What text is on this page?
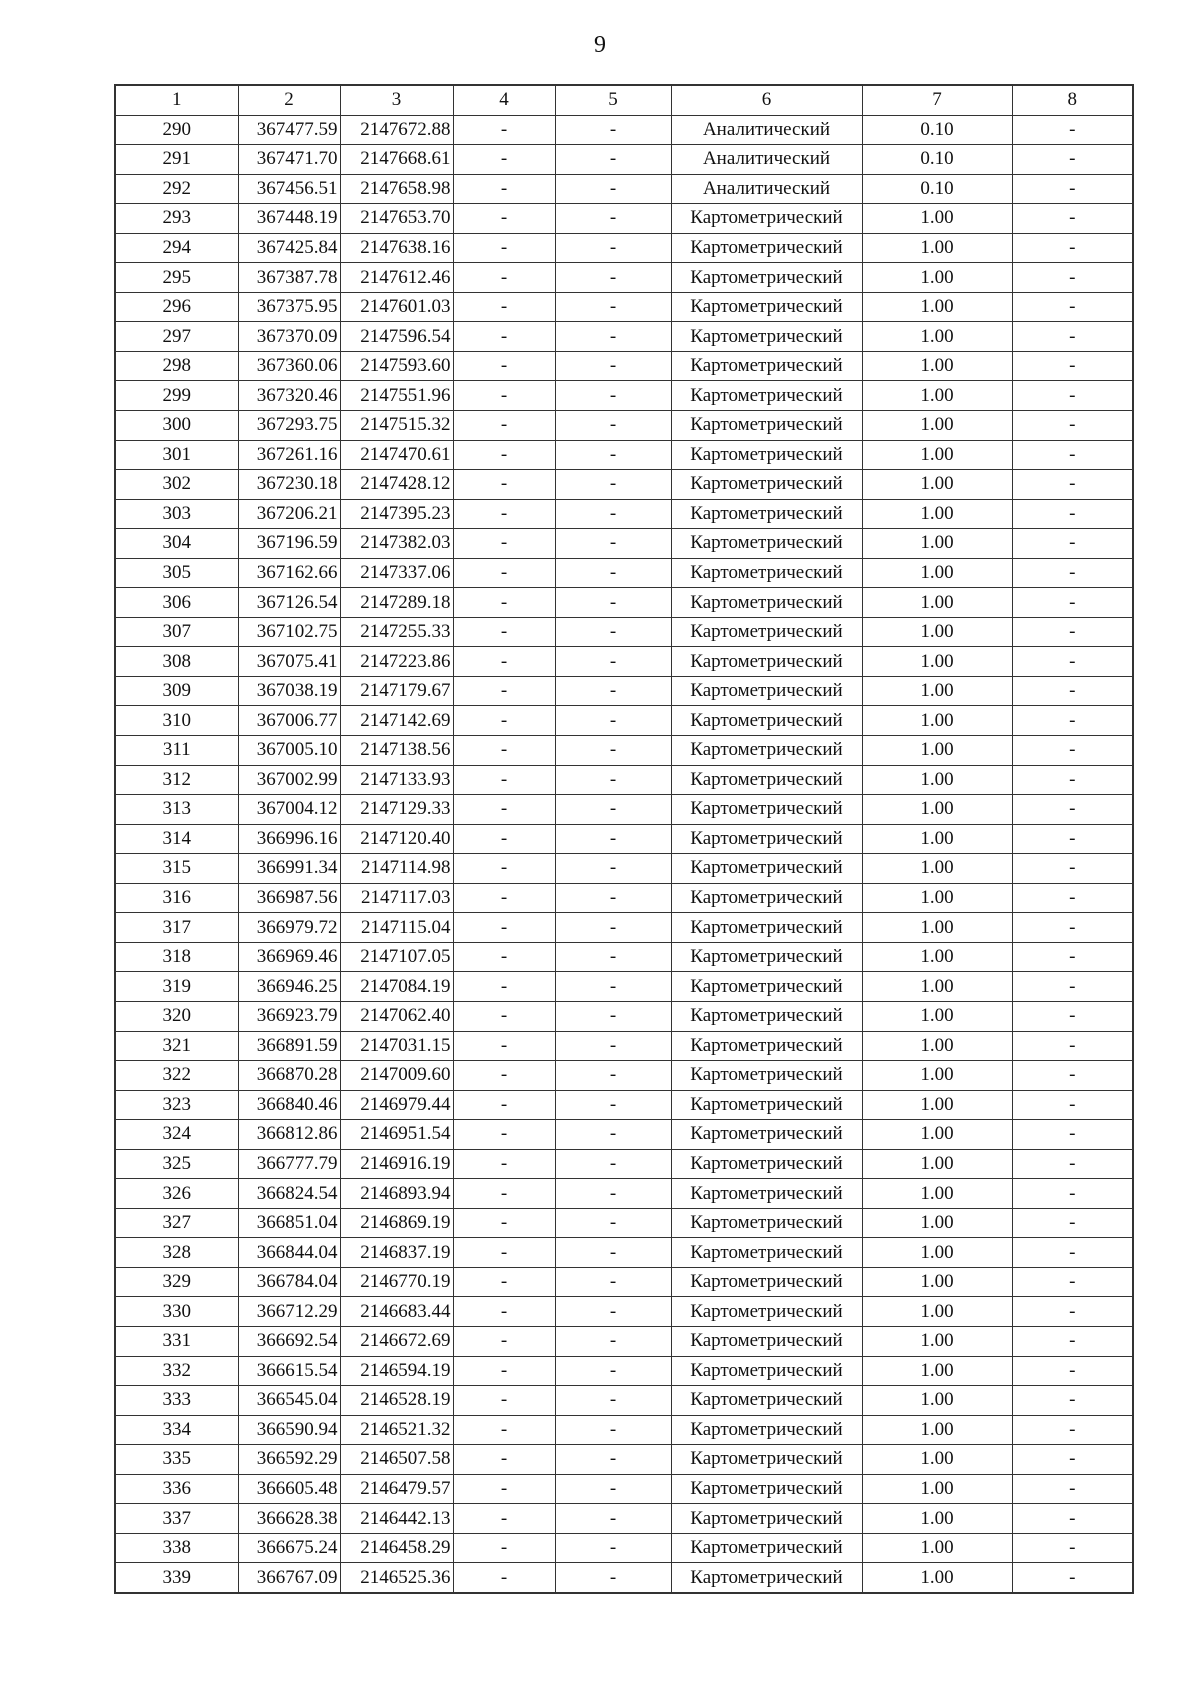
9
1	2	3	4	5	6	7	8
290	367477.59	2147672.88	-	-	Аналитический	0.10	-
291	367471.70	2147668.61	-	-	Аналитический	0.10	-
292	367456.51	2147658.98	-	-	Аналитический	0.10	-
293	367448.19	2147653.70	-	-	Картометрический	1.00	-
294	367425.84	2147638.16	-	-	Картометрический	1.00	-
295	367387.78	2147612.46	-	-	Картометрический	1.00	-
296	367375.95	2147601.03	-	-	Картометрический	1.00	-
297	367370.09	2147596.54	-	-	Картометрический	1.00	-
298	367360.06	2147593.60	-	-	Картометрический	1.00	-
299	367320.46	2147551.96	-	-	Картометрический	1.00	-
300	367293.75	2147515.32	-	-	Картометрический	1.00	-
301	367261.16	2147470.61	-	-	Картометрический	1.00	-
302	367230.18	2147428.12	-	-	Картометрический	1.00	-
303	367206.21	2147395.23	-	-	Картометрический	1.00	-
304	367196.59	2147382.03	-	-	Картометрический	1.00	-
305	367162.66	2147337.06	-	-	Картометрический	1.00	-
306	367126.54	2147289.18	-	-	Картометрический	1.00	-
307	367102.75	2147255.33	-	-	Картометрический	1.00	-
308	367075.41	2147223.86	-	-	Картометрический	1.00	-
309	367038.19	2147179.67	-	-	Картометрический	1.00	-
310	367006.77	2147142.69	-	-	Картометрический	1.00	-
311	367005.10	2147138.56	-	-	Картометрический	1.00	-
312	367002.99	2147133.93	-	-	Картометрический	1.00	-
313	367004.12	2147129.33	-	-	Картометрический	1.00	-
314	366996.16	2147120.40	-	-	Картометрический	1.00	-
315	366991.34	2147114.98	-	-	Картометрический	1.00	-
316	366987.56	2147117.03	-	-	Картометрический	1.00	-
317	366979.72	2147115.04	-	-	Картометрический	1.00	-
318	366969.46	2147107.05	-	-	Картометрический	1.00	-
319	366946.25	2147084.19	-	-	Картометрический	1.00	-
320	366923.79	2147062.40	-	-	Картометрический	1.00	-
321	366891.59	2147031.15	-	-	Картометрический	1.00	-
322	366870.28	2147009.60	-	-	Картометрический	1.00	-
323	366840.46	2146979.44	-	-	Картометрический	1.00	-
324	366812.86	2146951.54	-	-	Картометрический	1.00	-
325	366777.79	2146916.19	-	-	Картометрический	1.00	-
326	366824.54	2146893.94	-	-	Картометрический	1.00	-
327	366851.04	2146869.19	-	-	Картометрический	1.00	-
328	366844.04	2146837.19	-	-	Картометрический	1.00	-
329	366784.04	2146770.19	-	-	Картометрический	1.00	-
330	366712.29	2146683.44	-	-	Картометрический	1.00	-
331	366692.54	2146672.69	-	-	Картометрический	1.00	-
332	366615.54	2146594.19	-	-	Картометрический	1.00	-
333	366545.04	2146528.19	-	-	Картометрический	1.00	-
334	366590.94	2146521.32	-	-	Картометрический	1.00	-
335	366592.29	2146507.58	-	-	Картометрический	1.00	-
336	366605.48	2146479.57	-	-	Картометрический	1.00	-
337	366628.38	2146442.13	-	-	Картометрический	1.00	-
338	366675.24	2146458.29	-	-	Картометрический	1.00	-
339	366767.09	2146525.36	-	-	Картометрический	1.00	-
